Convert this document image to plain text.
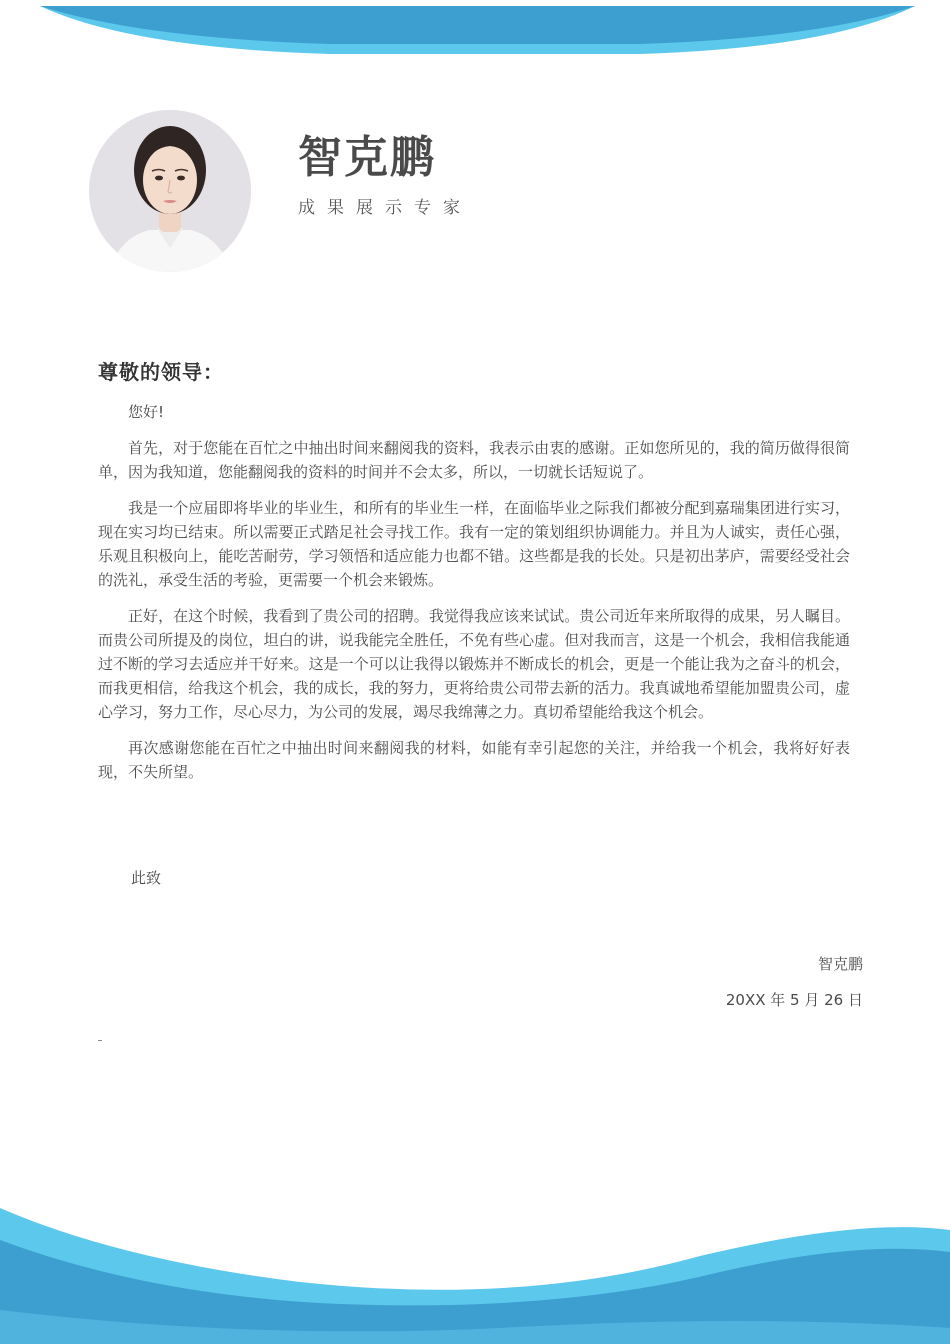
智克鹏
成果展示专家
尊敬的领导：

您好!

首先，对于您能在百忙之中抽出时间来翻阅我的资料，我表示由衷的感谢。正如您所见的，我的简历做得很简单，因为我知道，您能翻阅我的资料的时间并不会太多，所以，一切就长话短说了。

我是一个应届即将毕业的毕业生，和所有的毕业生一样，在面临毕业之际我们都被分配到嘉瑞集团进行实习，现在实习均已结束。所以需要正式踏足社会寻找工作。我有一定的策划组织协调能力。并且为人诚实，责任心强，乐观且积极向上，能吃苦耐劳，学习领悟和适应能力也都不错。这些都是我的长处。只是初出茅庐，需要经受社会的洗礼，承受生活的考验，更需要一个机会来锻炼。

正好，在这个时候，我看到了贵公司的招聘。我觉得我应该来试试。贵公司近年来所取得的成果，另人瞩目。而贵公司所提及的岗位，坦白的讲，说我能完全胜任，不免有些心虚。但对我而言，这是一个机会，我相信我能通过不断的学习去适应并干好来。这是一个可以让我得以锻炼并不断成长的机会，更是一个能让我为之奋斗的机会，而我更相信，给我这个机会，我的成长，我的努力，更将给贵公司带去新的活力。我真诚地希望能加盟贵公司，虚心学习，努力工作，尽心尽力，为公司的发展，竭尽我绵薄之力。真切希望能给我这个机会。

再次感谢您能在百忙之中抽出时间来翻阅我的材料，如能有幸引起您的关注，并给我一个机会，我将好好表现，不失所望。

此致
智克鹏
20XX 年 5 月 26 日
